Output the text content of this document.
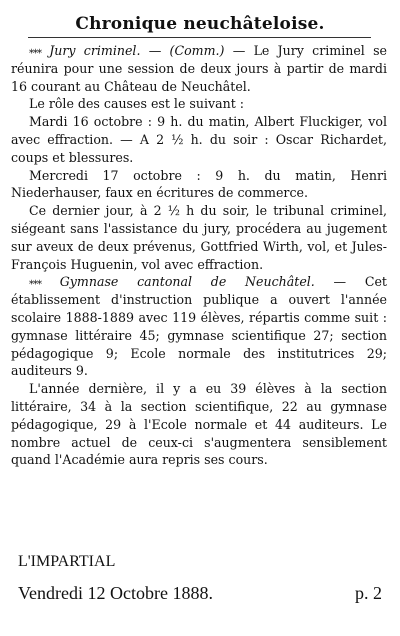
Chronique neuchâteloise.

⁎⁎⁎ Jury criminel. — (Comm.) — Le Jury criminel se réunira pour une session de deux jours à partir de mardi 16 courant au Château de Neuchâtel.

Le rôle des causes est le suivant :

Mardi 16 octobre : 9 h. du matin, Albert Fluckiger, vol avec effraction. — A 2 ½ h. du soir : Oscar Richardet, coups et blessures.

Mercredi 17 octobre : 9 h. du matin, Henri Niederhauser, faux en écritures de commerce.

Ce dernier jour, à 2 ½ h du soir, le tribunal criminel, siégeant sans l'assistance du jury, procédera au jugement sur aveux de deux prévenus, Gottfried Wirth, vol, et Jules-François Huguenin, vol avec effraction.

⁎⁎⁎ Gymnase cantonal de Neuchâtel. — Cet établissement d'instruction publique a ouvert l'année scolaire 1888-1889 avec 119 élèves, répartis comme suit : gymnase littéraire 45; gymnase scientifique 27; section pédagogique 9; Ecole normale des institutrices 29; auditeurs 9.

L'année dernière, il y a eu 39 élèves à la section littéraire, 34 à la section scientifique, 22 au gymnase pédagogique, 29 à l'Ecole normale et 44 auditeurs. Le nombre actuel de ceux-ci s'augmentera sensiblement quand l'Académie aura repris ses cours.

L'IMPARTIAL
Vendredi 12 Octobre 1888.	p. 2
